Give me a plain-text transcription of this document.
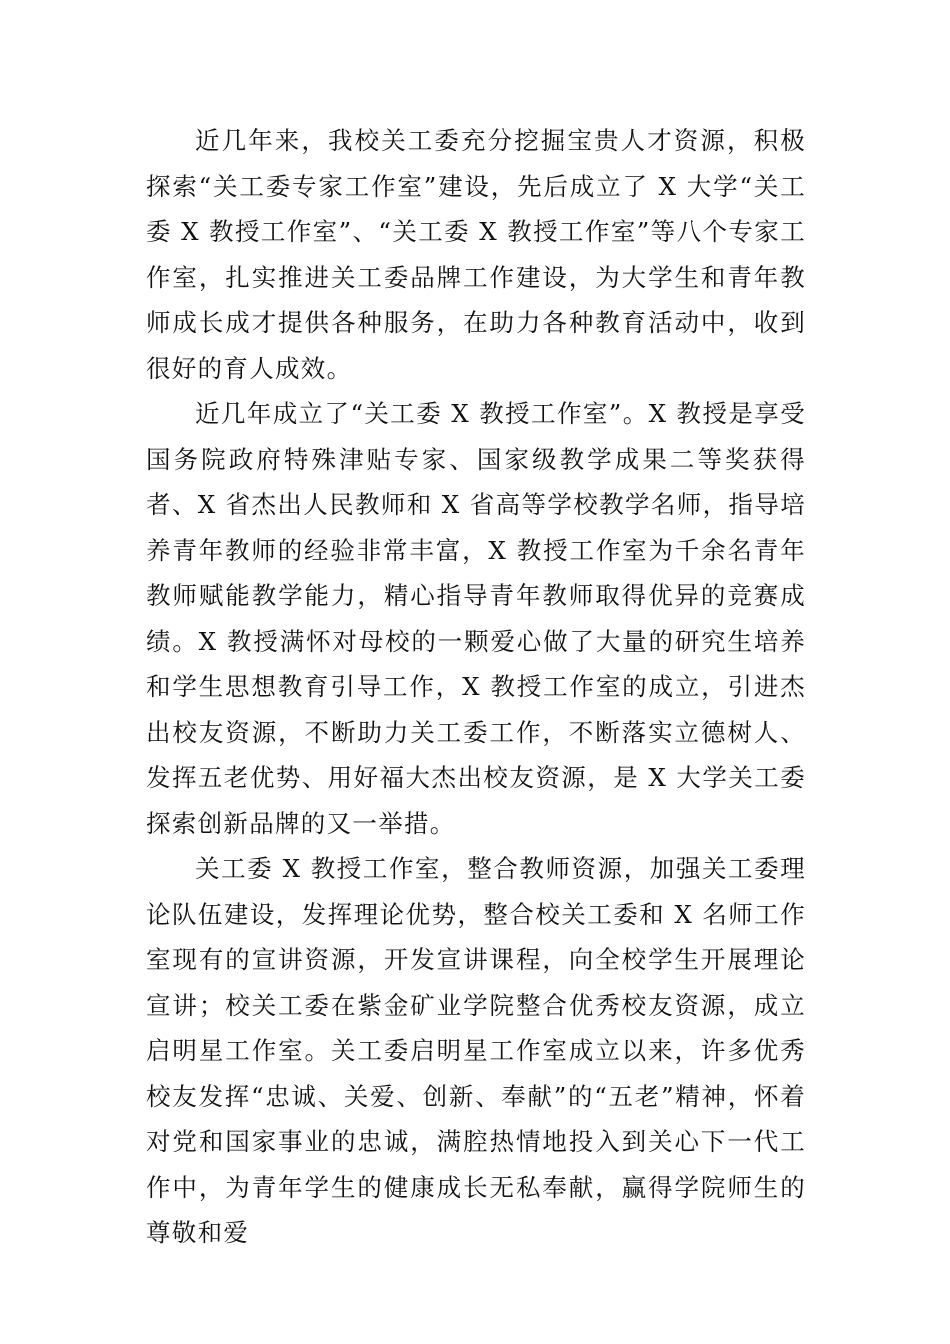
近几年来，我校关工委充分挖掘宝贵人才资源，积极探索“关工委专家工作室”建设，先后成立了 X 大学“关工委 X 教授工作室”、“关工委 X 教授工作室”等八个专家工作室，扎实推进关工委品牌工作建设，为大学生和青年教师成长成才提供各种服务，在助力各种教育活动中，收到很好的育人成效。

近几年成立了“关工委 X 教授工作室”。X 教授是享受国务院政府特殊津贴专家、国家级教学成果二等奖获得者、X 省杰出人民教师和 X 省高等学校教学名师，指导培养青年教师的经验非常丰富，X 教授工作室为千余名青年教师赋能教学能力，精心指导青年教师取得优异的竞赛成绩。X 教授满怀对母校的一颗爱心做了大量的研究生培养和学生思想教育引导工作，X 教授工作室的成立，引进杰出校友资源，不断助力关工委工作，不断落实立德树人、发挥五老优势、用好福大杰出校友资源，是 X 大学关工委探索创新品牌的又一举措。

关工委 X 教授工作室，整合教师资源，加强关工委理论队伍建设，发挥理论优势，整合校关工委和 X 名师工作室现有的宣讲资源，开发宣讲课程，向全校学生开展理论宣讲；校关工委在紫金矿业学院整合优秀校友资源，成立启明星工作室。关工委启明星工作室成立以来，许多优秀校友发挥“忠诚、关爱、创新、奉献”的“五老”精神，怀着对党和国家事业的忠诚，满腔热情地投入到关心下一代工作中，为青年学生的健康成长无私奉献，赢得学院师生的尊敬和爱
